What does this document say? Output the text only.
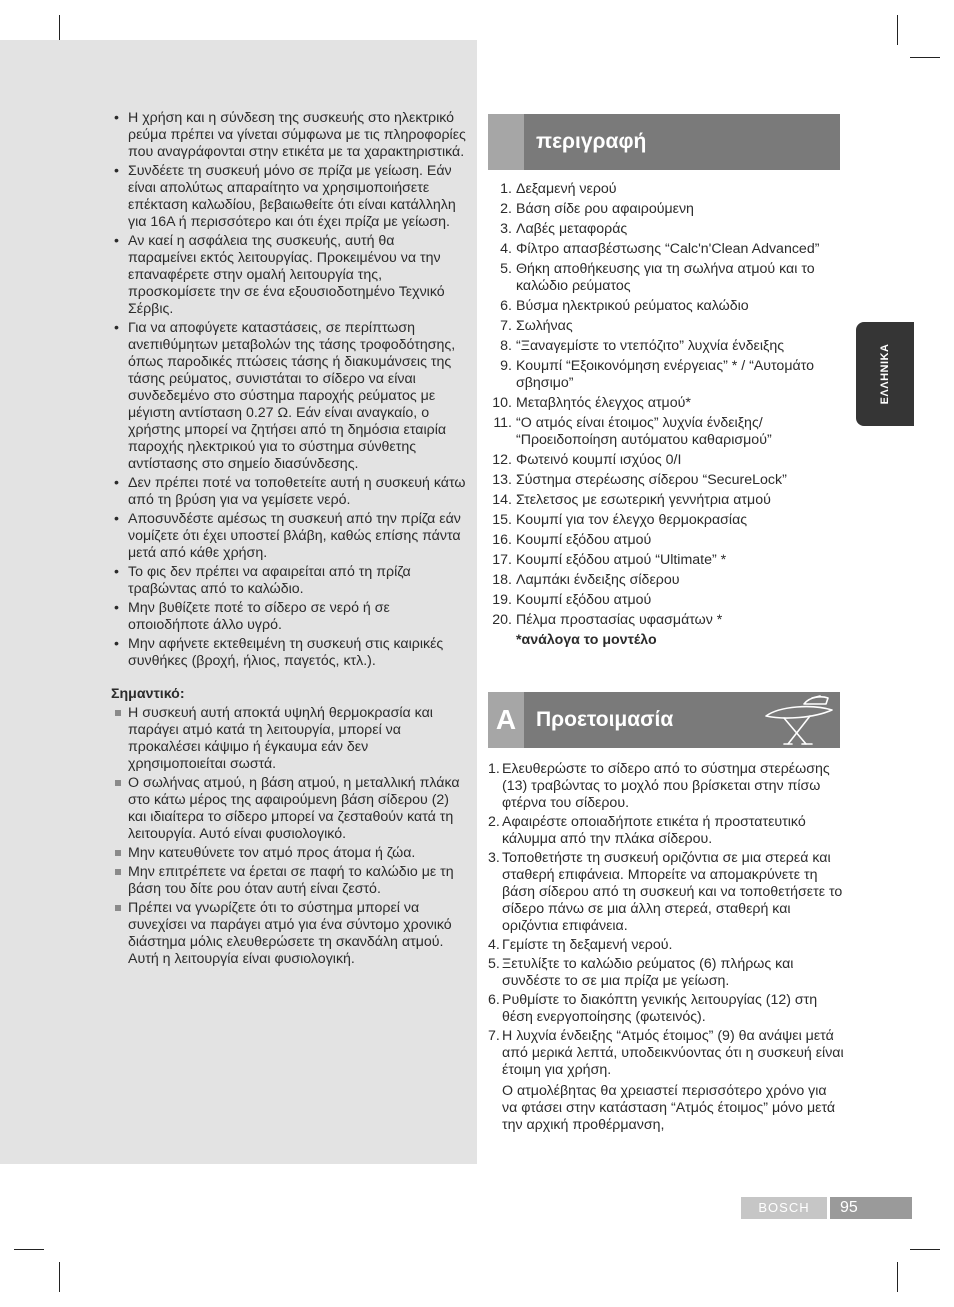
• Η χρήση και η σύνδεση της συσκευής στο ηλεκτρικό ρεύμα πρέπει να γίνεται σύμφωνα με τις πληροφορίες που αναγράφονται στην ετικέτα με τα χαρακτηριστικά.
• Συνδέετε τη συσκευή μόνο σε πρίζα με γείωση. Εάν είναι απολύτως απαραίτητο να χρησιμοποιήσετε επέκταση καλωδίου, βεβαιωθείτε ότι είναι κατάλληλη για 16A ή περισσότερο και ότι έχει πρίζα με γείωση.
• Αν καεί η ασφάλεια της συσκευής, αυτή θα παραμείνει εκτός λειτουργίας. Προκειμένου να την επαναφέρετε στην ομαλή λειτουργία της, προσκομίσετε την σε ένα εξουσιοδοτημένο Τεχνικό Σέρβις.
• Για να αποφύγετε καταστάσεις, σε περίπτωση ανεπιθύμητων μεταβολών της τάσης τροφοδότησης, όπως παροδικές πτώσεις τάσης ή διακυμάνσεις της τάσης ρεύματος, συνιστάται το σίδερο να είναι συνδεδεμένο στο σύστημα παροχής ρεύματος με μέγιστη αντίσταση 0.27 Ω. Εάν είναι αναγκαίο, ο χρήστης μπορεί να ζητήσει από τη δημόσια εταιρία παροχής ηλεκτρικού για το σύστημα σύνθετης αντίστασης στο σημείο διασύνδεσης.
• Δεν πρέπει ποτέ να τοποθετείτε αυτή η συσκευή κάτω από τη βρύση για να γεμίσετε νερό.
• Αποσυνδέστε αμέσως τη συσκευή από την πρίζα εάν νομίζετε ότι έχει υποστεί βλάβη, καθώς επίσης πάντα μετά από κάθε χρήση.
• Το φις δεν πρέπει να αφαιρείται από τη πρίζα τραβώντας από το καλώδιο.
• Μην βυθίζετε ποτέ το σίδερο σε νερό ή σε οποιοδήποτε άλλο υγρό.
• Μην αφήνετε εκτεθειμένη τη συσκευή στις καιρικές συνθήκες (βροχή, ήλιος, παγετός, κτλ.).
Σημαντικό:
Η συσκευή αυτή αποκτά υψηλή θερμοκρασία και παράγει ατμό κατά τη λειτουργία, μπορεί να προκαλέσει κάψιμο ή έγκαυμα εάν δεν χρησιμοποιείται σωστά.
Ο σωλήνας ατμού, η βάση ατμού, η μεταλλική πλάκα στο κάτω μέρος της αφαιρούμενη βάση σίδερου (2) και ιδιαίτερα το σίδερο μπορεί να ζεσταθούν κατά τη λειτουργία. Αυτό είναι φυσιολογικό.
Μην κατευθύνετε τον ατμό προς άτομα ή ζώα.
Μην επιτρέπετε να έρεται σε παφή το καλώδιο με τη βάση του δίτε ρου όταν αυτή είναι ζεστό.
Πρέπει να γνωρίζετε ότι το σύστημα μπορεί να συνεχίσει να παράγει ατμό για ένα σύντομο χρονικό διάστημα μόλις ελευθερώσετε τη σκανδάλη ατμού. Αυτή η λειτουργία είναι φυσιολογική.
περιγραφή
1. Δεξαμενή νερού
2. Βάση σίδε ρου αφαιρούμενη
3. Λαβές μεταφοράς
4. Φίλτρο απασβέστωσης “Calc'n'Clean Advanced”
5. Θήκη αποθήκευσης για τη σωλήνα ατμού και το καλώδιο ρεύματος
6. Βύσμα ηλεκτρικού ρεύματος καλώδιο
7. Σωλήνας
8. “Ξαναγεμίστε το ντεπόζιτο” λυχνία ένδειξης
9. Κουμπί “Εξοικονόμηση ενέργειας” * / “Αυτομάτο σβησιμο”
10. Μεταβλητός έλεγχος ατμού*
11. “Ο ατμός είναι έτοιμος” λυχνία ένδειξης/ “Προειδοποίηση αυτόματου καθαρισμού”
12. Φωτεινό κουμπί ισχύος 0/I
13. Σύστημα στερέωσης σίδερου “SecureLock”
14. Στελετσος με εσωτερική γεννήτρια ατμού
15. Κουμπί για τον έλεγχο θερμοκρασίας
16. Κουμπί εξόδου ατμού
17. Κουμπί εξόδου ατμού “Ultimate” *
18. Λαμπάκι ένδειξης σίδερου
19. Κουμπί εξόδου ατμού
20. Πέλμα προστασίας υφασμάτων *
*ανάλογα το μοντέλο
A Προετοιμασία
1. Ελευθερώστε το σίδερο από το σύστημα στερέωσης (13) τραβώντας το μοχλό που βρίσκεται στην πίσω φτέρνα του σίδερου.
2. Αφαιρέστε οποιαδήποτε ετικέτα ή προστατευτικό κάλυμμα από την πλάκα σίδερου.
3. Τοποθετήστε τη συσκευή οριζόντια σε μια στερεά και σταθερή επιφάνεια. Μπορείτε να απομακρύνετε τη βάση σίδερου από τη συσκευή και να τοποθετήσετε το σίδερο πάνω σε μια άλλη στερεά, σταθερή και οριζόντια επιφάνεια.
4. Γεμίστε τη δεξαμενή νερού.
5. Ξετυλίξτε το καλώδιο ρεύματος (6) πλήρως και συνδέστε το σε μια πρίζα με γείωση.
6. Ρυθμίστε το διακόπτη γενικής λειτουργίας (12) στη θέση ενεργοποίησης (φωτεινός).
7. Η λυχνία ένδειξης “Ατμός έτοιμος” (9) θα ανάψει μετά από μερικά λεπτά, υποδεικνύοντας ότι η συσκευή είναι έτοιμη για χρήση.
Ο ατμολέβητας θα χρειαστεί περισσότερο χρόνο για να φτάσει στην κατάσταση “Ατμός έτοιμος” μόνο μετά την αρχική προθέρμανση,
ΕΛΛΗΝΙΚΑ
BOSCH	95
